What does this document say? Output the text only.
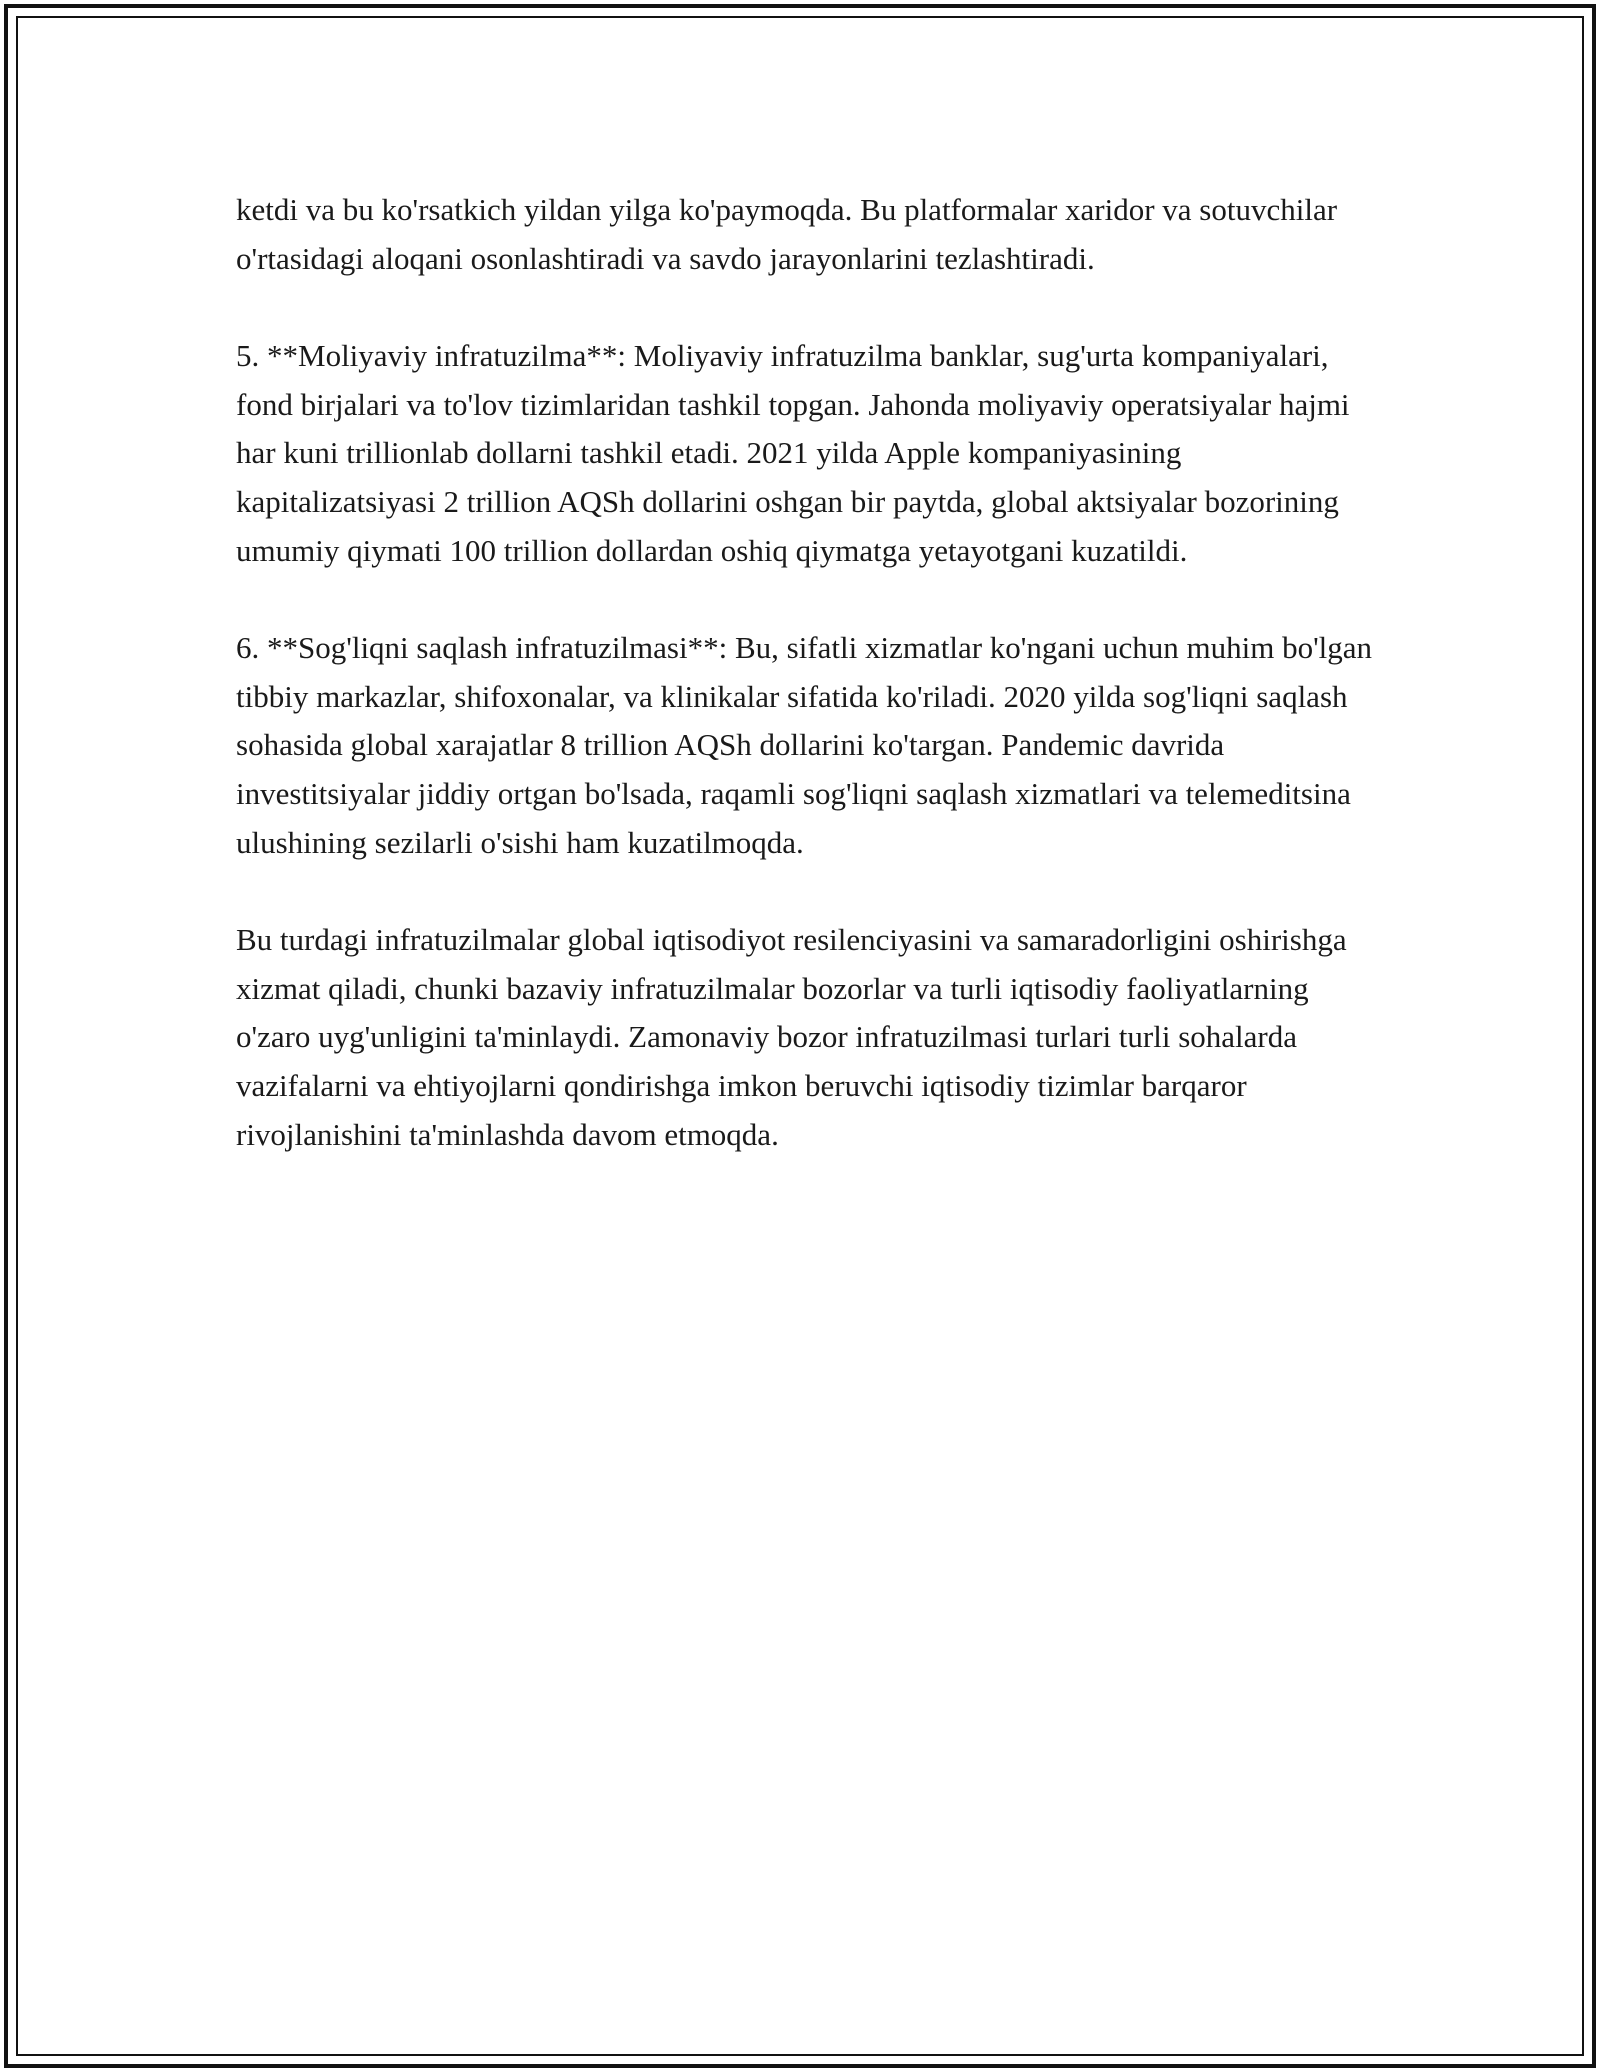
ketdi va bu ko'rsatkich yildan yilga ko'paymoqda. Bu platformalar xaridor va sotuvchilar o'rtasidagi aloqani osonlashtiradi va savdo jarayonlarini tezlashtiradi.

5. **Moliyaviy infratuzilma**: Moliyaviy infratuzilma banklar, sug'urta kompaniyalari, fond birjalari va to'lov tizimlaridan tashkil topgan. Jahonda moliyaviy operatsiyalar hajmi har kuni trillionlab dollarni tashkil etadi. 2021 yilda Apple kompaniyasining kapitalizatsiyasi 2 trillion AQSh dollarini oshgan bir paytda, global aktsiyalar bozorining umumiy qiymati 100 trillion dollardan oshiq qiymatga yetayotgani kuzatildi.

6. **Sog'liqni saqlash infratuzilmasi**: Bu, sifatli xizmatlar ko'ngani uchun muhim bo'lgan tibbiy markazlar, shifoxonalar, va klinikalar sifatida ko'riladi. 2020 yilda sog'liqni saqlash sohasida global xarajatlar 8 trillion AQSh dollarini ko'targan. Pandemic davrida investitsiyalar jiddiy ortgan bo'lsada, raqamli sog'liqni saqlash xizmatlari va telemeditsina ulushining sezilarli o'sishi ham kuzatilmoqda.

Bu turdagi infratuzilmalar global iqtisodiyot resilenciyasini va samaradorligini oshirishga xizmat qiladi, chunki bazaviy infratuzilmalar bozorlar va turli iqtisodiy faoliyatlarning o'zaro uyg'unligini ta'minlaydi. Zamonaviy bozor infratuzilmasi turlari turli sohalarda vazifalarni va ehtiyojlarni qondirishga imkon beruvchi iqtisodiy tizimlar barqaror rivojlanishini ta'minlashda davom etmoqda.
